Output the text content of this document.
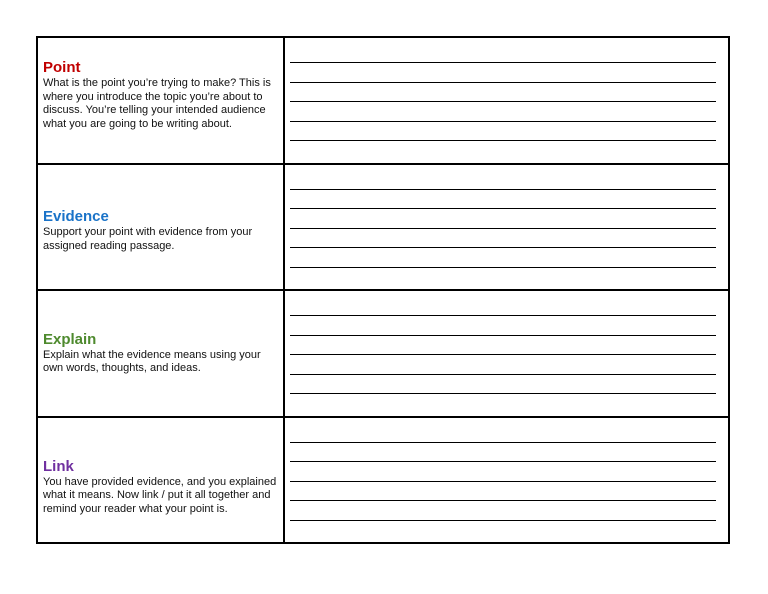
Point
What is the point you’re trying to make? This is where you introduce the topic you’re about to discuss. You’re telling your intended audience what you are going to be writing about.
Evidence
Support your point with evidence from your assigned reading passage.
Explain
Explain what the evidence means using your own words, thoughts, and ideas.
Link
You have provided evidence, and you explained what it means. Now link / put it all together and remind your reader what your point is.
